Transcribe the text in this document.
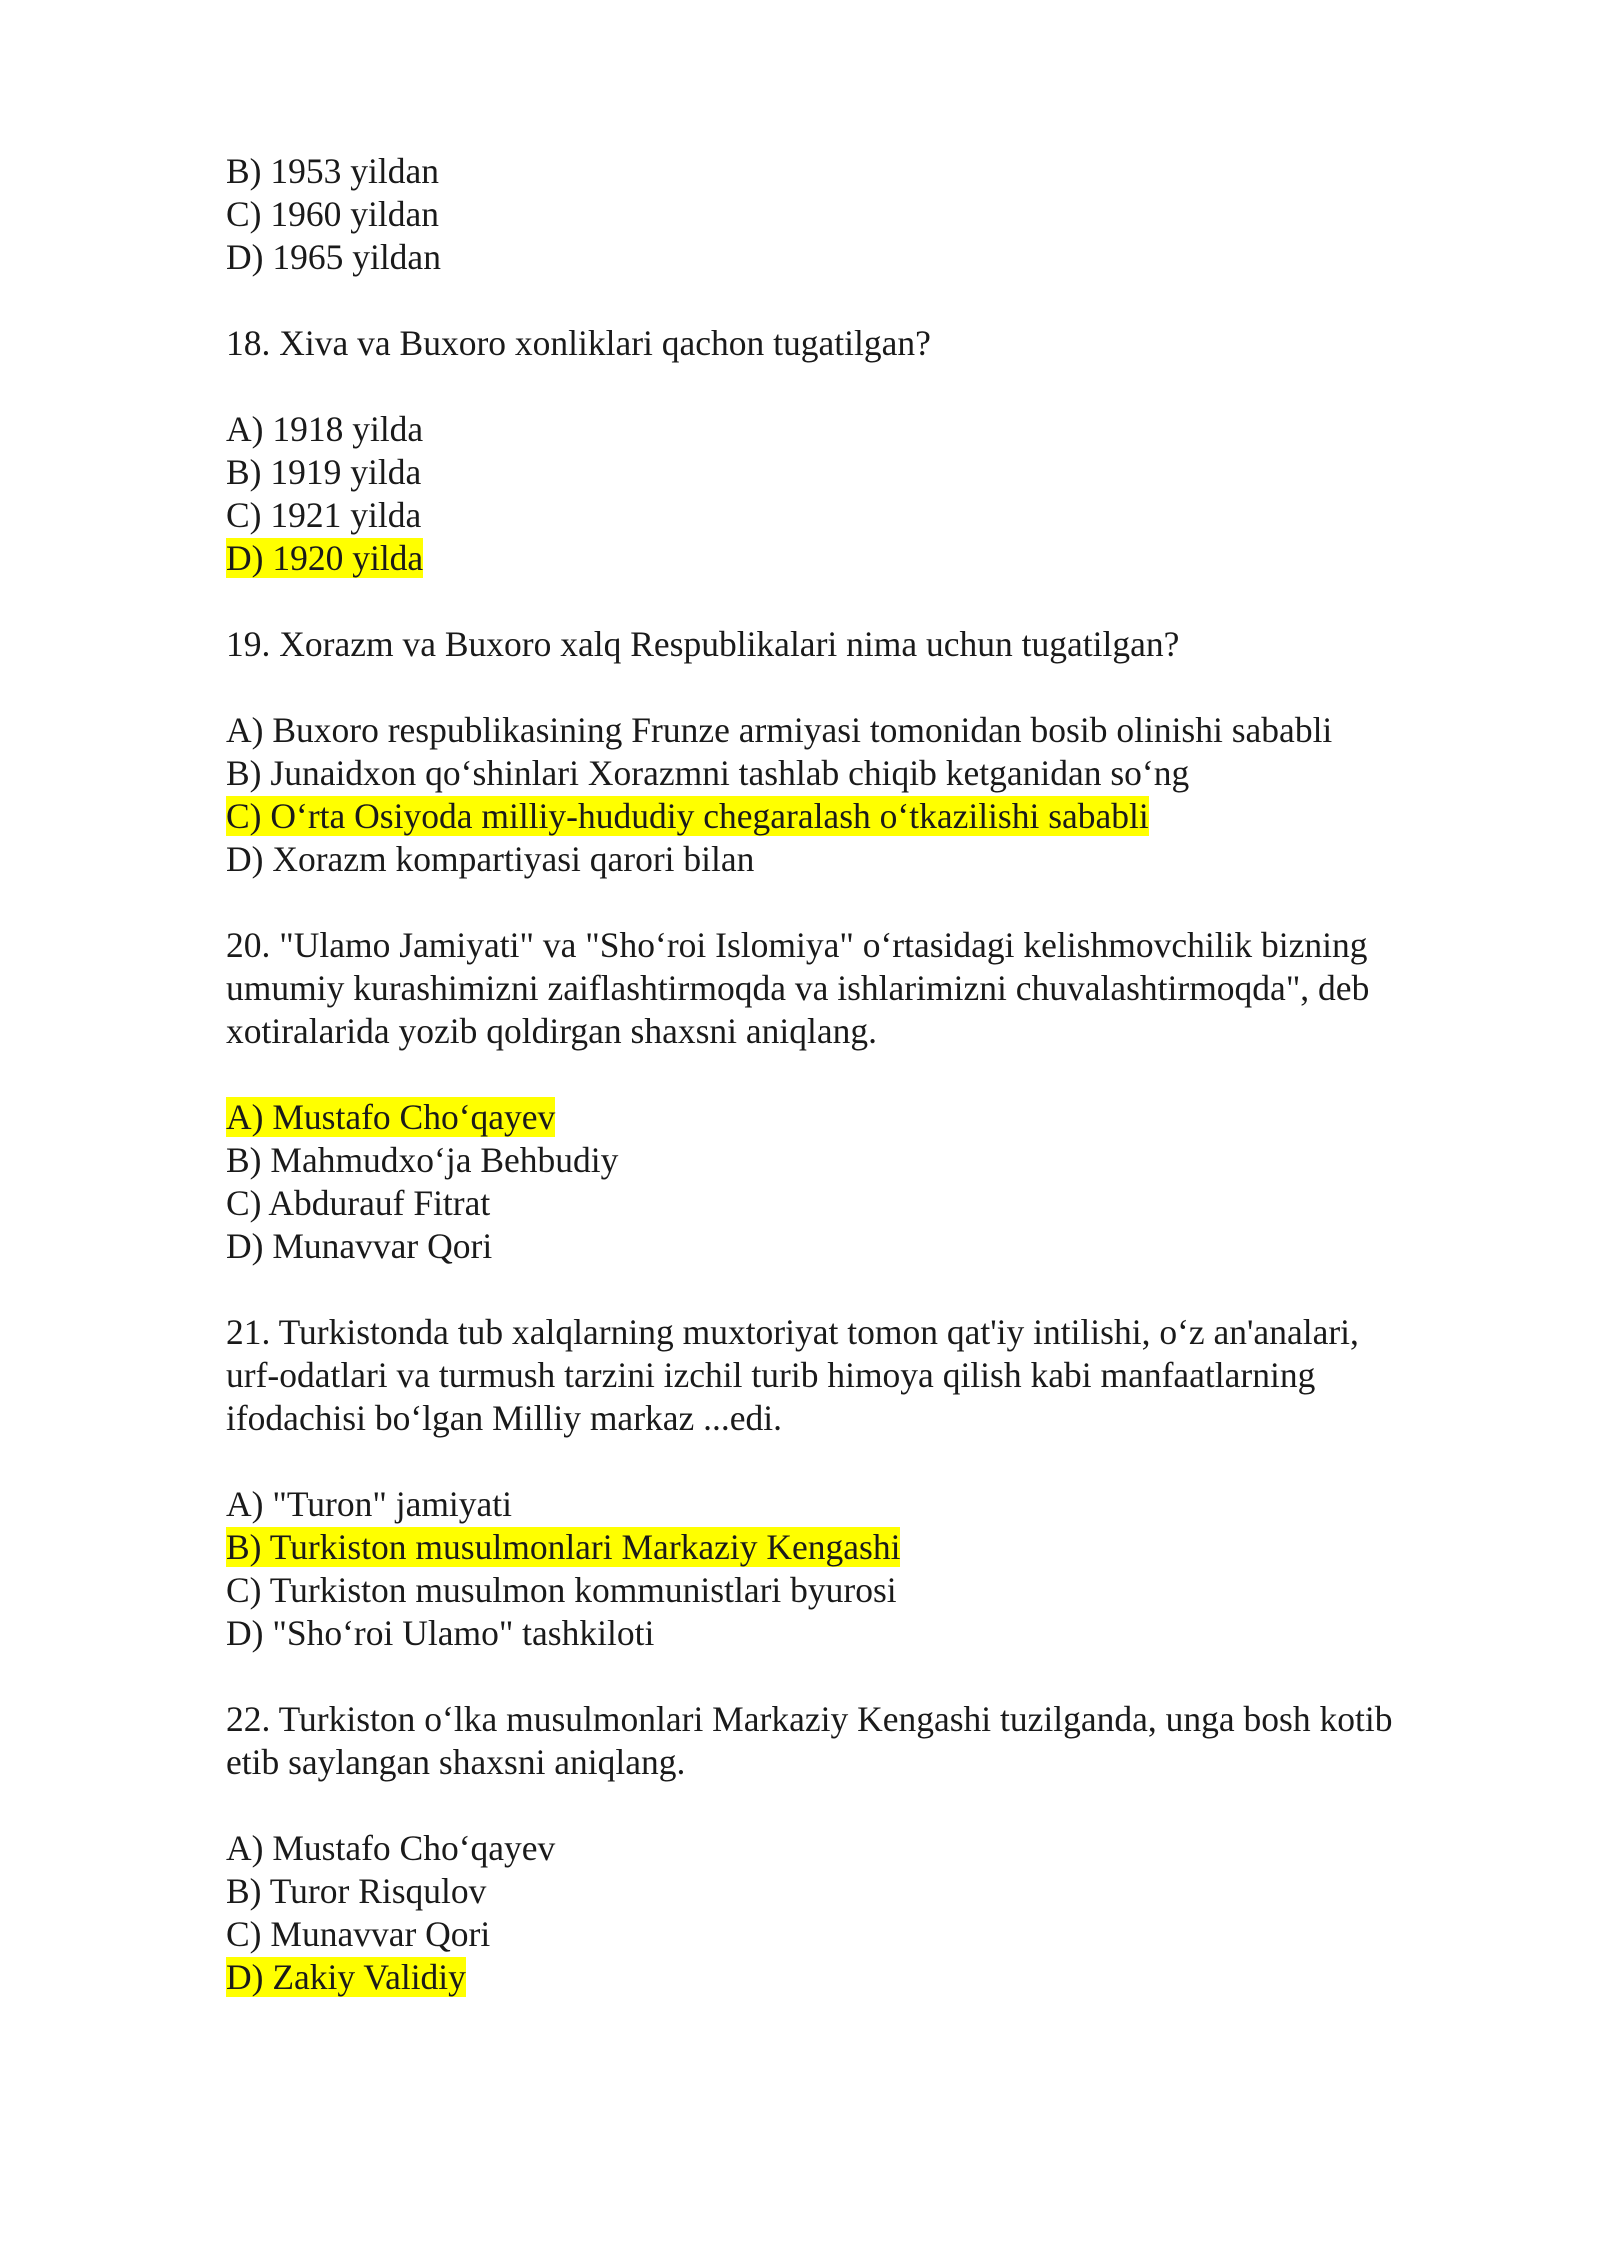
B) 1953 yildan

C) 1960 yildan

D) 1965 yildan

18. Xiva va Buxoro xonliklari qachon tugatilgan?

A) 1918 yilda

B) 1919 yilda

C) 1921 yilda

D) 1920 yilda

19. Xorazm va Buxoro xalq Respublikalari nima uchun tugatilgan?

A) Buxoro respublikasining Frunze armiyasi tomonidan bosib olinishi sababli

B) Junaidxon qo‘shinlari Xorazmni tashlab chiqib ketganidan so‘ng

C) O‘rta Osiyoda milliy-hududiy chegaralash o‘tkazilishi sababli

D) Xorazm kompartiyasi qarori bilan

20. "Ulamo Jamiyati" va "Sho‘roi Islomiya" o‘rtasidagi kelishmovchilik bizning

umumiy kurashimizni zaiflashtirmoqda va ishlarimizni chuvalashtirmoqda", deb

xotiralarida yozib qoldirgan shaxsni aniqlang.

A) Mustafo Cho‘qayev

B) Mahmudxo‘ja Behbudiy

C) Abdurauf Fitrat

D) Munavvar Qori

21. Turkistonda tub xalqlarning muxtoriyat tomon qat'iy intilishi, o‘z an'analari,

urf-odatlari va turmush tarzini izchil turib himoya qilish kabi manfaatlarning

ifodachisi bo‘lgan Milliy markaz ...edi.

A) "Turon" jamiyati

B) Turkiston musulmonlari Markaziy Kengashi

C) Turkiston musulmon kommunistlari byurosi

D) "Sho‘roi Ulamo" tashkiloti

22. Turkiston o‘lka musulmonlari Markaziy Kengashi tuzilganda, unga bosh kotib

etib saylangan shaxsni aniqlang.

A) Mustafo Cho‘qayev

B) Turor Risqulov

C) Munavvar Qori

D) Zakiy Validiy
